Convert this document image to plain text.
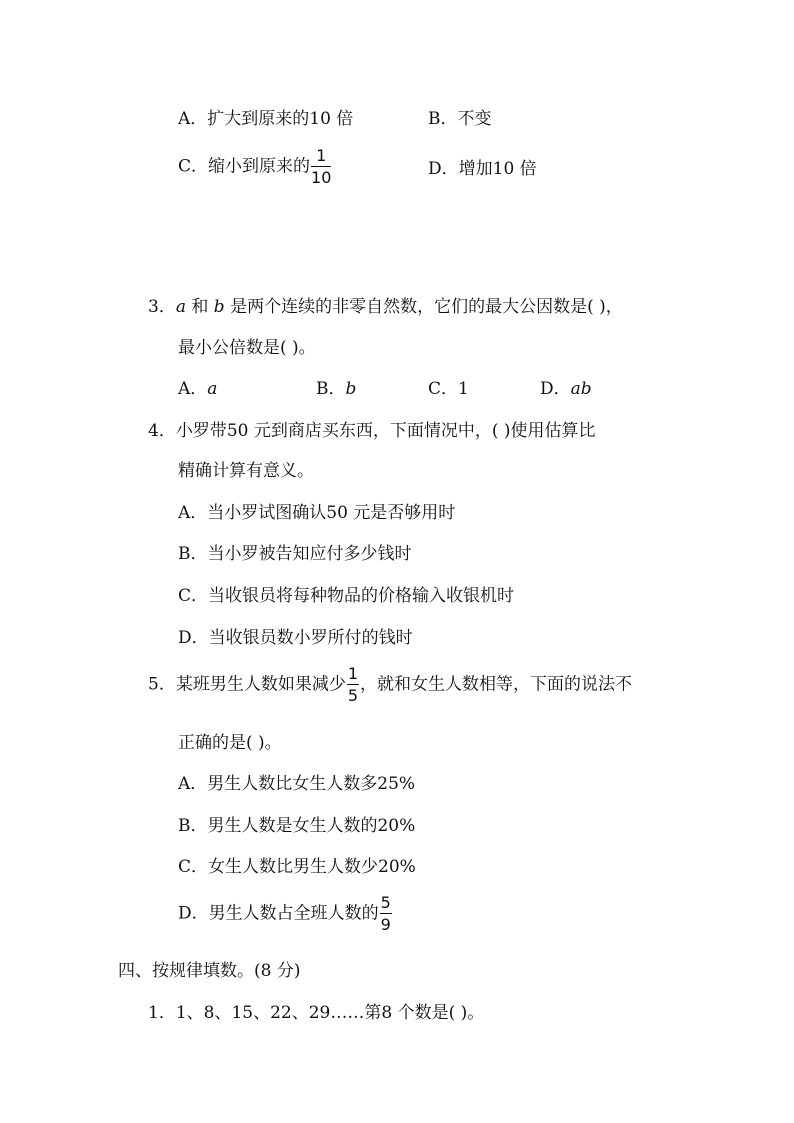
A．扩大到原来的10 倍	B．不变
C．缩小到原来的 $\frac{1}{10}$	D．增加10 倍
3．a 和 b 是两个连续的非零自然数，它们的最大公因数是( )，
最小公倍数是( )。
A．a	B．b	C．1	D．ab
4．小罗带50 元到商店买东西，下面情况中，( )使用估算比
精确计算有意义。
A．当小罗试图确认50 元是否够用时
B．当小罗被告知应付多少钱时
C．当收银员将每种物品的价格输入收银机时
D．当收银员数小罗所付的钱时
5．某班男生人数如果减少 $\frac{1}{5}$ ，就和女生人数相等，下面的说法不
正确的是( )。
A．男生人数比女生人数多25%
B．男生人数是女生人数的20%
C．女生人数比男生人数少20%
D．男生人数占全班人数的 $\frac{5}{9}$
四、按规律填数。(8 分)
1．1、8、15、22、29……第8 个数是( )。
